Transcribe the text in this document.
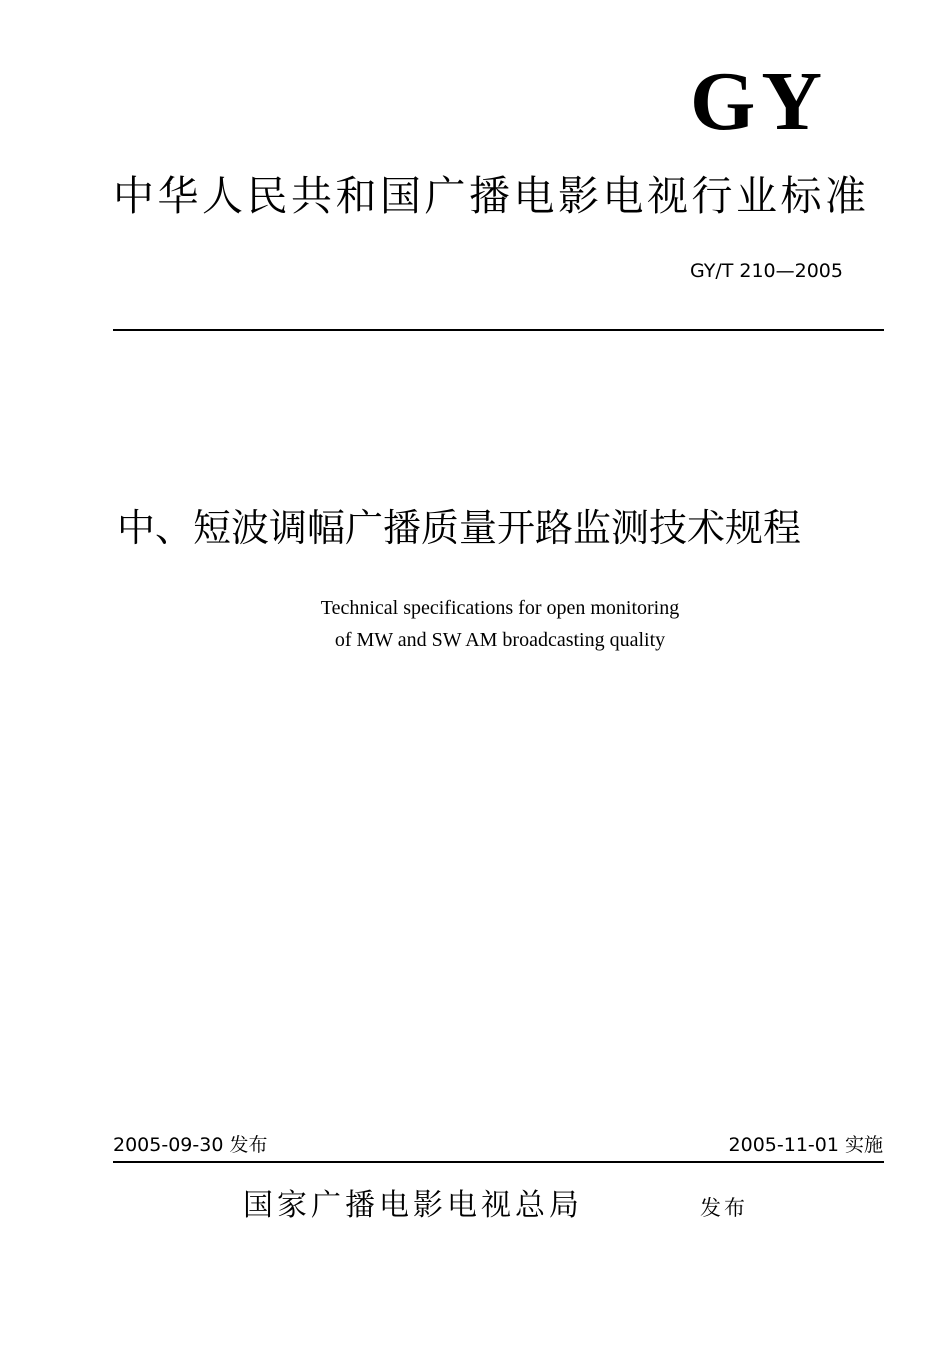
GY
中华人民共和国广播电影电视行业标准
GY/T 210—2005
中、短波调幅广播质量开路监测技术规程
Technical specifications for open monitoring
of MW and SW AM broadcasting quality
2005-09-30 发布	2005-11-01 实施
国家广播电影电视总局	发布
